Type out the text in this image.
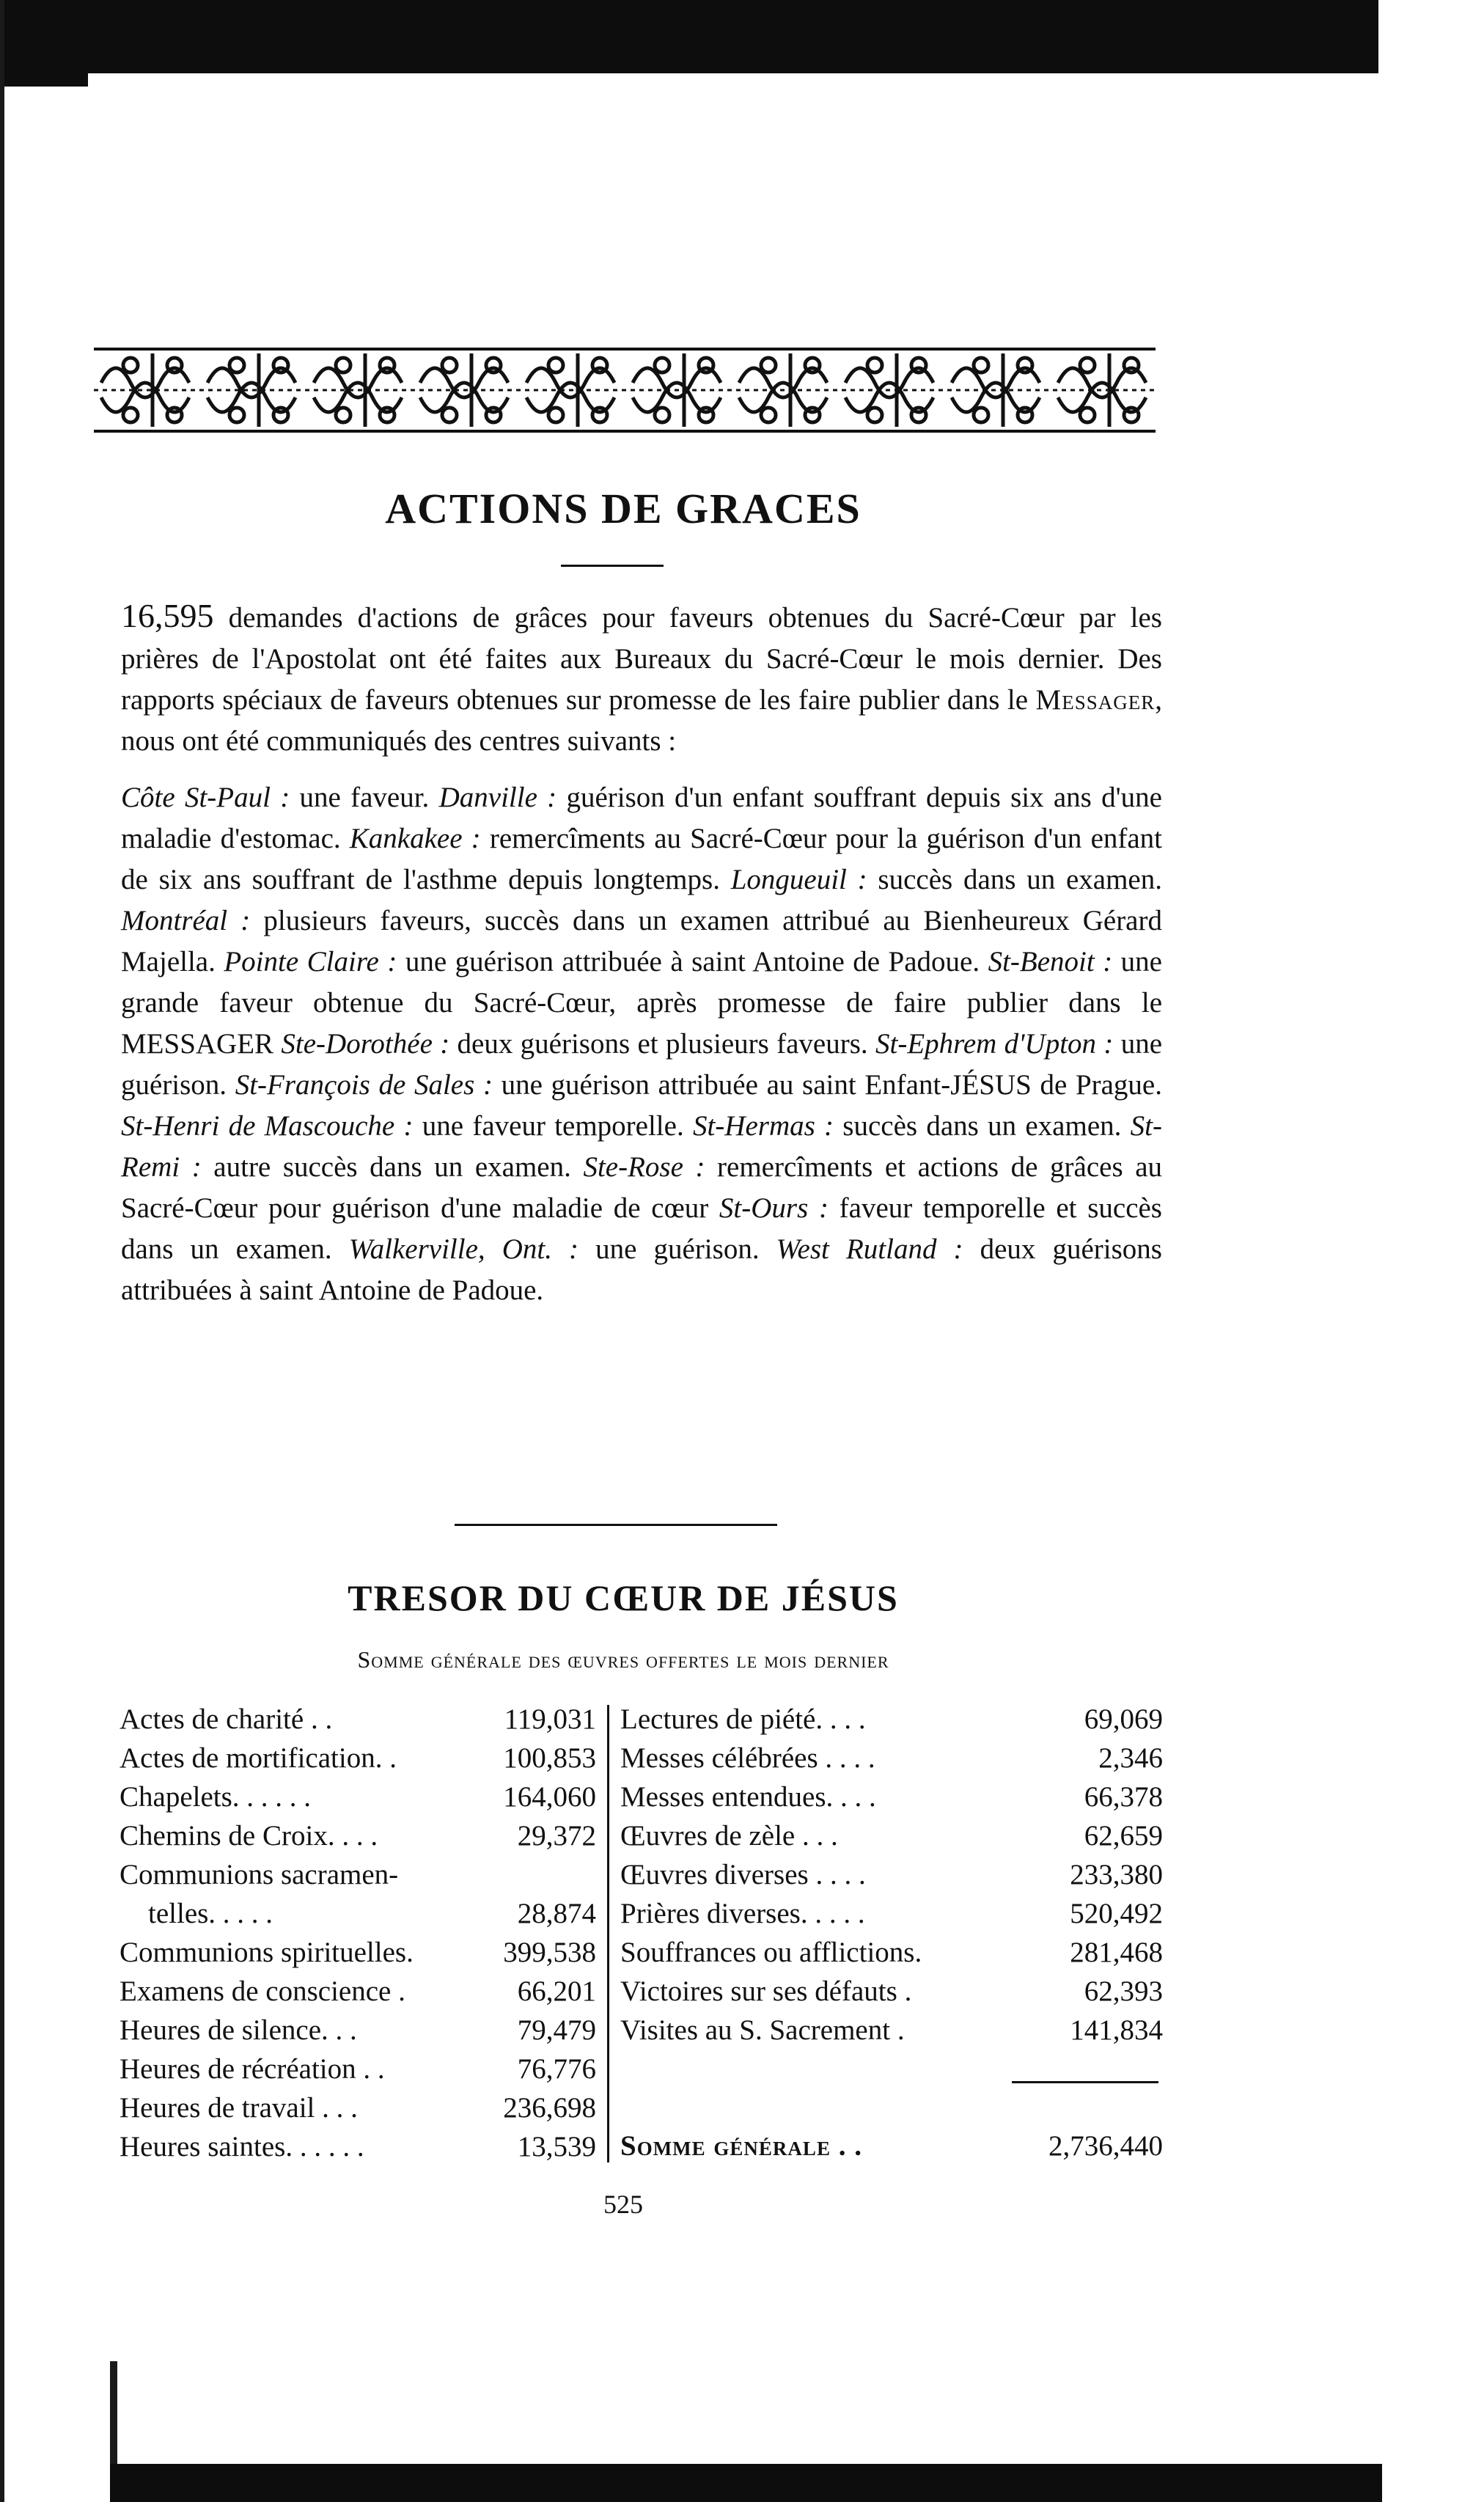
ACTIONS DE GRACES
16,595 demandes d'actions de grâces pour faveurs obtenues du Sacré-Cœur par les prières de l'Apostolat ont été faites aux Bureaux du Sacré-Cœur le mois dernier. Des rapports spéciaux de faveurs obtenues sur promesse de les faire publier dans le Messager, nous ont été communiqués des centres suivants :
Côte St-Paul : une faveur. Danville : guérison d'un enfant souffrant depuis six ans d'une maladie d'estomac. Kankakee : remercîments au Sacré-Cœur pour la guérison d'un enfant de six ans souffrant de l'asthme depuis longtemps. Longueuil : succès dans un examen. Montréal : plusieurs faveurs, succès dans un examen attribué au Bienheureux Gérard Majella. Pointe Claire : une guérison attribuée à saint Antoine de Padoue. St-Benoit : une grande faveur obtenue du Sacré-Cœur, après promesse de faire publier dans le MESSAGER Ste-Dorothée : deux guérisons et plusieurs faveurs. St-Ephrem d'Upton : une guérison. St-François de Sales : une guérison attribuée au saint Enfant-JÉSUS de Prague. St-Henri de Mascouche : une faveur temporelle. St-Hermas : succès dans un examen. St-Remi : autre succès dans un examen. Ste-Rose : remercîments et actions de grâces au Sacré-Cœur pour guérison d'une maladie de cœur St-Ours : faveur temporelle et succès dans un examen. Walkerville, Ont. : une guérison. West Rutland : deux guérisons attribuées à saint Antoine de Padoue.
TRESOR DU CŒUR DE JÉSUS
Somme générale des œuvres offertes le mois dernier
Actes de charité . .	119,031
Actes de mortification. .	100,853
Chapelets. . . . . .	164,060
Chemins de Croix. . . .	29,372
Communions sacramen-
telles. . . . .	28,874
Communions spirituelles.	399,538
Examens de conscience .	66,201
Heures de silence. . .	79,479
Heures de récréation . .	76,776
Heures de travail . . .	236,698
Heures saintes. . . . . .	13,539
Lectures de piété. . . .	69,069
Messes célébrées . . . .	2,346
Messes entendues. . . .	66,378
Œuvres de zèle . . .	62,659
Œuvres diverses . . . .	233,380
Prières diverses. . . . .	520,492
Souffrances ou afflictions.	281,468
Victoires sur ses défauts .	62,393
Visites au S. Sacrement .	141,834
Somme générale . .	2,736,440
525
